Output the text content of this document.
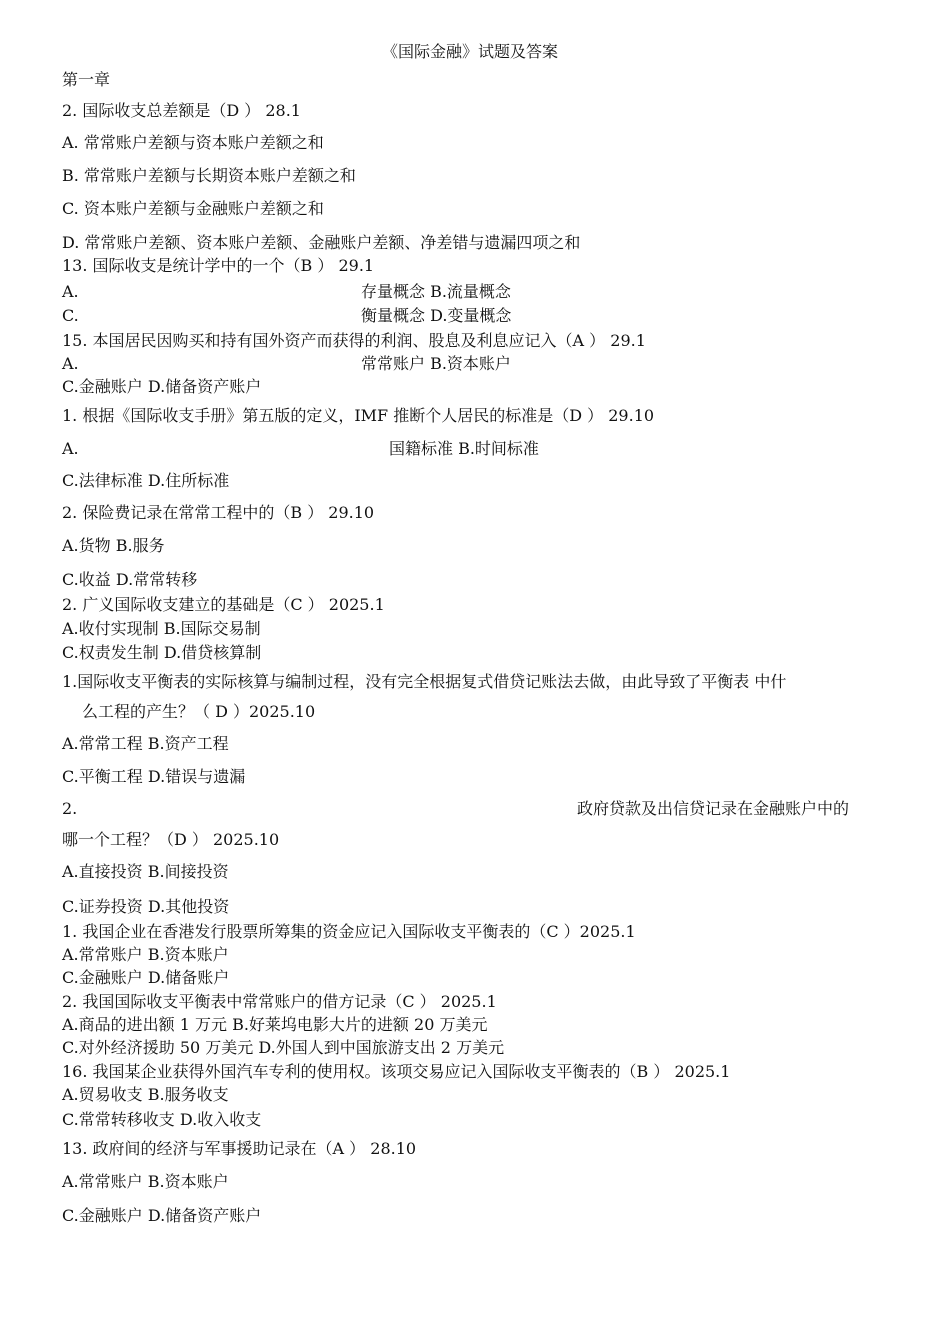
《国际金融》试题及答案
第一章
2. 国际收支总差额是（D ） 28.1
A. 常常账户差额与资本账户差额之和
B. 常常账户差额与长期资本账户差额之和
C. 资本账户差额与金融账户差额之和
D. 常常账户差额、资本账户差额、金融账户差额、净差错与遗漏四项之和
13. 国际收支是统计学中的一个（B ） 29.1
A.	存量概念 B.流量概念
C.	衡量概念 D.变量概念
15. 本国居民因购买和持有国外资产而获得的利润、股息及利息应记入（A ） 29.1
A.	常常账户 B.资本账户
C.金融账户 D.储备资产账户
1. 根据《国际收支手册》第五版的定义，IMF 推断个人居民的标准是（D ） 29.10
A.	国籍标准 B.时间标准
C.法律标准 D.住所标准
2. 保险费记录在常常工程中的（B ） 29.10
A.货物 B.服务
C.收益 D.常常转移
2. 广义国际收支建立的基础是（C ） 2025.1
A.收付实现制 B.国际交易制
C.权责发生制 D.借贷核算制
1.国际收支平衡表的实际核算与编制过程，没有完全根据复式借贷记账法去做，由此导致了平衡表 中什
么工程的产生？（ D ）2025.10
A.常常工程 B.资产工程
C.平衡工程 D.错误与遗漏
2.	政府贷款及出信贷记录在金融账户中的
哪一个工程？（D ） 2025.10
A.直接投资 B.间接投资
C.证券投资 D.其他投资
1. 我国企业在香港发行股票所筹集的资金应记入国际收支平衡表的（C ）2025.1
A.常常账户 B.资本账户
C.金融账户 D.储备账户
2. 我国国际收支平衡表中常常账户的借方记录（C ） 2025.1
A.商品的进出额 1 万元 B.好莱坞电影大片的进额 20 万美元
C.对外经济援助 50 万美元 D.外国人到中国旅游支出 2 万美元
16. 我国某企业获得外国汽车专利的使用权。该项交易应记入国际收支平衡表的（B ） 2025.1
A.贸易收支 B.服务收支
C.常常转移收支 D.收入收支
13. 政府间的经济与军事援助记录在（A ） 28.10
A.常常账户 B.资本账户
C.金融账户 D.储备资产账户
